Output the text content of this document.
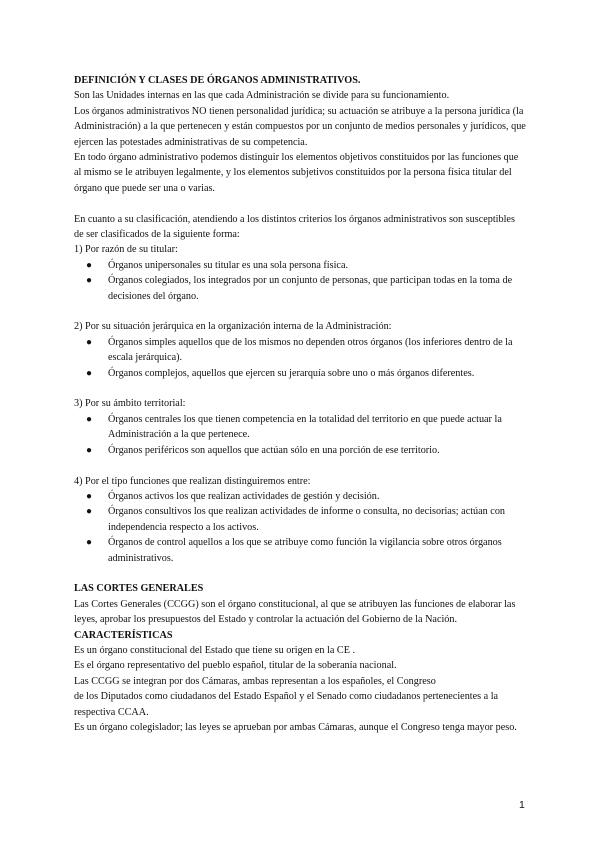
DEFINICIÓN Y CLASES DE ÓRGANOS ADMINISTRATIVOS.

Son las Unidades internas en las que cada Administración se divide para su funcionamiento.

Los órganos administrativos NO tienen personalidad jurídica; su actuación se atribuye a la persona jurídica (la Administración) a la que pertenecen y están compuestos por un conjunto de medios personales y jurídicos, que ejercen las potestades administrativas de su competencia.

En todo órgano administrativo podemos distinguir los elementos objetivos constituidos por las funciones que al mismo se le atribuyen legalmente, y los elementos subjetivos constituidos por la persona física titular del órgano que puede ser una o varias.

En cuanto a su clasificación, atendiendo a los distintos criterios los órganos administrativos son susceptibles de ser clasificados de la siguiente forma:

1) Por razón de su titular:

● Órganos unipersonales su titular es una sola persona física.
● Órganos colegiados, los integrados por un conjunto de personas, que participan todas en la toma de decisiones del órgano.

2) Por su situación jerárquica en la organización interna de la Administración:

● Órganos simples aquellos que de los mismos no dependen otros órganos (los inferiores dentro de la escala jerárquica).
● Órganos complejos, aquellos que ejercen su jerarquía sobre uno o más órganos diferentes.

3) Por su ámbito territorial:

● Órganos centrales los que tienen competencia en la totalidad del territorio en que puede actuar la Administración a la que pertenece.
● Órganos periféricos son aquellos que actúan sólo en una porción de ese territorio.

4) Por el tipo funciones que realizan distinguiremos entre:

● Órganos activos los que realizan actividades de gestión y decisión.
● Órganos consultivos los que realizan actividades de informe o consulta, no decisorias; actúan con independencia respecto a los activos.
● Órganos de control aquellos a los que se atribuye como función la vigilancia sobre otros órganos administrativos.

LAS CORTES GENERALES

Las Cortes Generales (CCGG) son el órgano constitucional, al que se atribuyen las funciones de elaborar las leyes, aprobar los presupuestos del Estado y controlar la actuación del Gobierno de la Nación.

CARACTERÍSTICAS

Es un órgano constitucional del Estado que tiene su origen en la CE .

Es el órgano representativo del pueblo español, titular de la soberanía nacional.

Las CCGG se integran por dos Cámaras, ambas representan a los españoles, el Congreso

de los Diputados como ciudadanos del Estado Español y el Senado como ciudadanos pertenecientes a la respectiva CCAA.

Es un órgano colegislador; las leyes se aprueban por ambas Cámaras, aunque el Congreso tenga mayor peso.

1
